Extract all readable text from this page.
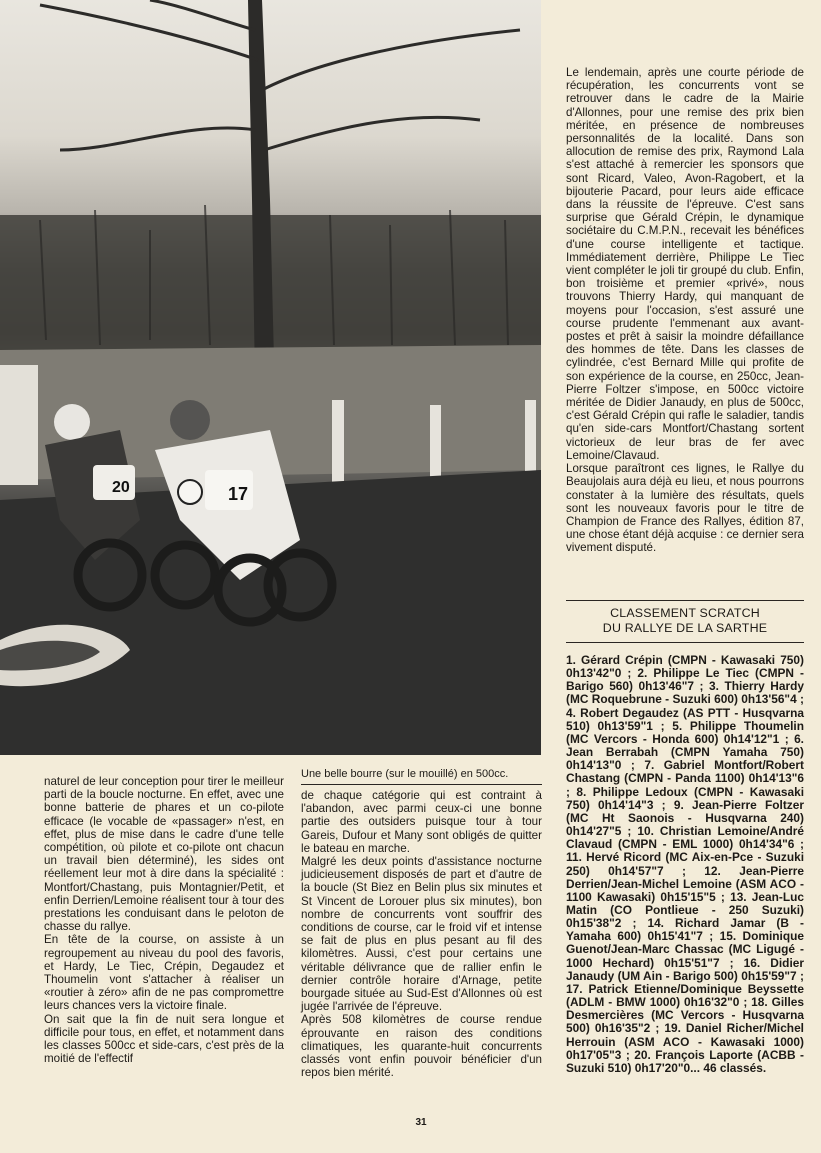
20	17
Une belle bourre (sur le mouillé) en 500cc.

naturel de leur conception pour tirer le meilleur parti de la boucle nocturne. En effet, avec une bonne batterie de phares et un co-pilote efficace (le vocable de «passager» n'est, en effet, plus de mise dans le cadre d'une telle compétition, où pilote et co-pilote ont chacun un travail bien déterminé), les sides ont réellement leur mot à dire dans la spécialité : Montfort/Chastang, puis Montagnier/Petit, et enfin Derrien/Lemoine réalisent tour à tour des prestations les conduisant dans le peloton de chasse du rallye.

En tête de la course, on assiste à un regroupement au niveau du pool des favoris, et Hardy, Le Tiec, Crépin, Degaudez et Thoumelin vont s'attacher à réaliser un «routier à zéro» afin de ne pas compromettre leurs chances vers la victoire finale.

On sait que la fin de nuit sera longue et difficile pour tous, en effet, et notamment dans les classes 500cc et side-cars, c'est près de la moitié de l'effectif

de chaque catégorie qui est contraint à l'abandon, avec parmi ceux-ci une bonne partie des outsiders puisque tour à tour Gareis, Dufour et Many sont obligés de quitter le bateau en marche.

Malgré les deux points d'assistance nocturne judicieusement disposés de part et d'autre de la boucle (St Biez en Belin plus six minutes et St Vincent de Lorouer plus six minutes), bon nombre de concurrents vont souffrir des conditions de course, car le froid vif et intense se fait de plus en plus pesant au fil des kilomètres. Aussi, c'est pour certains une véritable délivrance que de rallier enfin le dernier contrôle horaire d'Arnage, petite bourgade située au Sud-Est d'Allonnes où est jugée l'arrivée de l'épreuve.

Après 508 kilomètres de course rendue éprouvante en raison des conditions climatiques, les quarante-huit concurrents classés vont enfin pouvoir bénéficier d'un repos bien mérité.

Le lendemain, après une courte période de récupération, les concurrents vont se retrouver dans le cadre de la Mairie d'Allonnes, pour une remise des prix bien méritée, en présence de nombreuses personnalités de la localité. Dans son allocution de remise des prix, Raymond Lala s'est attaché à remercier les sponsors que sont Ricard, Valeo, Avon-Ragobert, et la bijouterie Pacard, pour leurs aide efficace dans la réussite de l'épreuve. C'est sans surprise que Gérald Crépin, le dynamique sociétaire du C.M.P.N., recevait les bénéfices d'une course intelligente et tactique. Immédiatement derrière, Philippe Le Tiec vient compléter le joli tir groupé du club. Enfin, bon troisième et premier «privé», nous trouvons Thierry Hardy, qui manquant de moyens pour l'occasion, s'est assuré une course prudente l'emmenant aux avant-postes et prêt à saisir la moindre défaillance des hommes de tête. Dans les classes de cylindrée, c'est Bernard Mille qui profite de son expérience de la course, en 250cc, Jean-Pierre Foltzer s'impose, en 500cc victoire méritée de Didier Janaudy, en plus de 500cc, c'est Gérald Crépin qui rafle le saladier, tandis qu'en side-cars Montfort/Chastang sortent victorieux de leur bras de fer avec Lemoine/Clavaud.

Lorsque paraîtront ces lignes, le Rallye du Beaujolais aura déjà eu lieu, et nous pourrons constater à la lumière des résultats, quels sont les nouveaux favoris pour le titre de Champion de France des Rallyes, édition 87, une chose étant déjà acquise : ce dernier sera vivement disputé.

CLASSEMENT SCRATCH
DU RALLYE DE LA SARTHE
1. Gérard Crépin (CMPN - Kawasaki 750) 0h13'42"0 ; 2. Philippe Le Tiec (CMPN - Barigo 560) 0h13'46"7 ; 3. Thierry Hardy (MC Roquebrune - Suzuki 600) 0h13'56"4 ; 4. Robert Degaudez (AS PTT - Husqvarna 510) 0h13'59"1 ; 5. Philippe Thoumelin (MC Vercors - Honda 600) 0h14'12"1 ; 6. Jean Berrabah (CMPN Yamaha 750) 0h14'13"0 ; 7. Gabriel Montfort/Robert Chastang (CMPN - Panda 1100) 0h14'13"6 ; 8. Philippe Ledoux (CMPN - Kawasaki 750) 0h14'14"3 ; 9. Jean-Pierre Foltzer (MC Ht Saonois - Husqvarna 240) 0h14'27"5 ; 10. Christian Lemoine/André Clavaud (CMPN - EML 1000) 0h14'34"6 ; 11. Hervé Ricord (MC Aix-en-Pce - Suzuki 250) 0h14'57"7 ; 12. Jean-Pierre Derrien/Jean-Michel Lemoine (ASM ACO - 1100 Kawasaki) 0h15'15"5 ; 13. Jean-Luc Matin (CO Pontlieue - 250 Suzuki) 0h15'38"2 ; 14. Richard Jamar (B - Yamaha 600) 0h15'41"7 ; 15. Dominique Guenot/Jean-Marc Chassac (MC Ligugé - 1000 Hechard) 0h15'51"7 ; 16. Didier Janaudy (UM Ain - Barigo 500) 0h15'59"7 ; 17. Patrick Etienne/Dominique Beyssette (ADLM - BMW 1000) 0h16'32"0 ; 18. Gilles Desmercières (MC Vercors - Husqvarna 500) 0h16'35"2 ; 19. Daniel Richer/Michel Herrouin (ASM ACO - Kawasaki 1000) 0h17'05"3 ; 20. François Laporte (ACBB - Suzuki 510) 0h17'20"0... 46 classés.
31
